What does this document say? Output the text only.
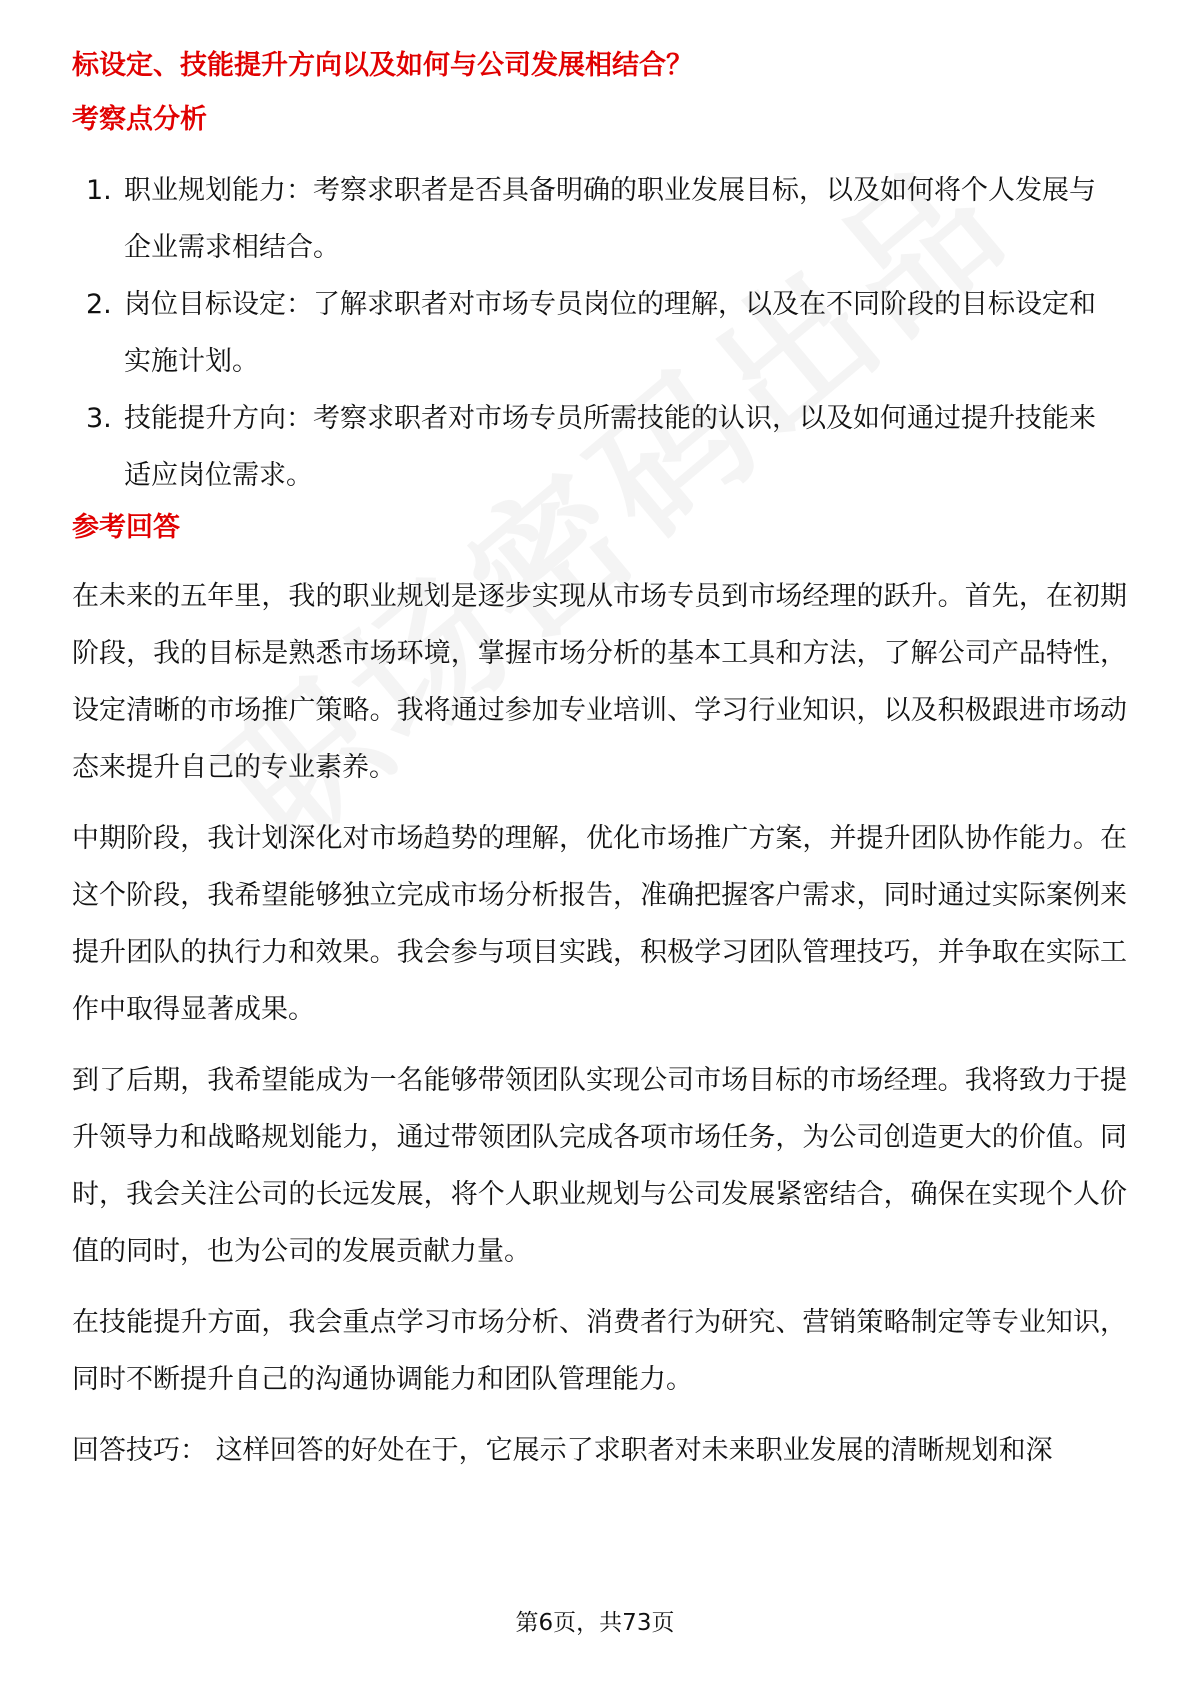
标设定、技能提升方向以及如何与公司发展相结合？
考察点分析
1. 职业规划能力：考察求职者是否具备明确的职业发展目标，以及如何将个人发展与企业需求相结合。
2. 岗位目标设定：了解求职者对市场专员岗位的理解，以及在不同阶段的目标设定和实施计划。
3. 技能提升方向：考察求职者对市场专员所需技能的认识，以及如何通过提升技能来适应岗位需求。
参考回答

在未来的五年里，我的职业规划是逐步实现从市场专员到市场经理的跃升。首先，在初期阶段，我的目标是熟悉市场环境，掌握市场分析的基本工具和方法，了解公司产品特性，设定清晰的市场推广策略。我将通过参加专业培训、学习行业知识，以及积极跟进市场动态来提升自己的专业素养。

中期阶段，我计划深化对市场趋势的理解，优化市场推广方案，并提升团队协作能力。在这个阶段，我希望能够独立完成市场分析报告，准确把握客户需求，同时通过实际案例来提升团队的执行力和效果。我会参与项目实践，积极学习团队管理技巧，并争取在实际工作中取得显著成果。

到了后期，我希望能成为一名能够带领团队实现公司市场目标的市场经理。我将致力于提升领导力和战略规划能力，通过带领团队完成各项市场任务，为公司创造更大的价值。同时，我会关注公司的长远发展，将个人职业规划与公司发展紧密结合，确保在实现个人价值的同时，也为公司的发展贡献力量。

在技能提升方面，我会重点学习市场分析、消费者行为研究、营销策略制定等专业知识，同时不断提升自己的沟通协调能力和团队管理能力。

回答技巧： 这样回答的好处在于，它展示了求职者对未来职业发展的清晰规划和深

第6页，共73页
